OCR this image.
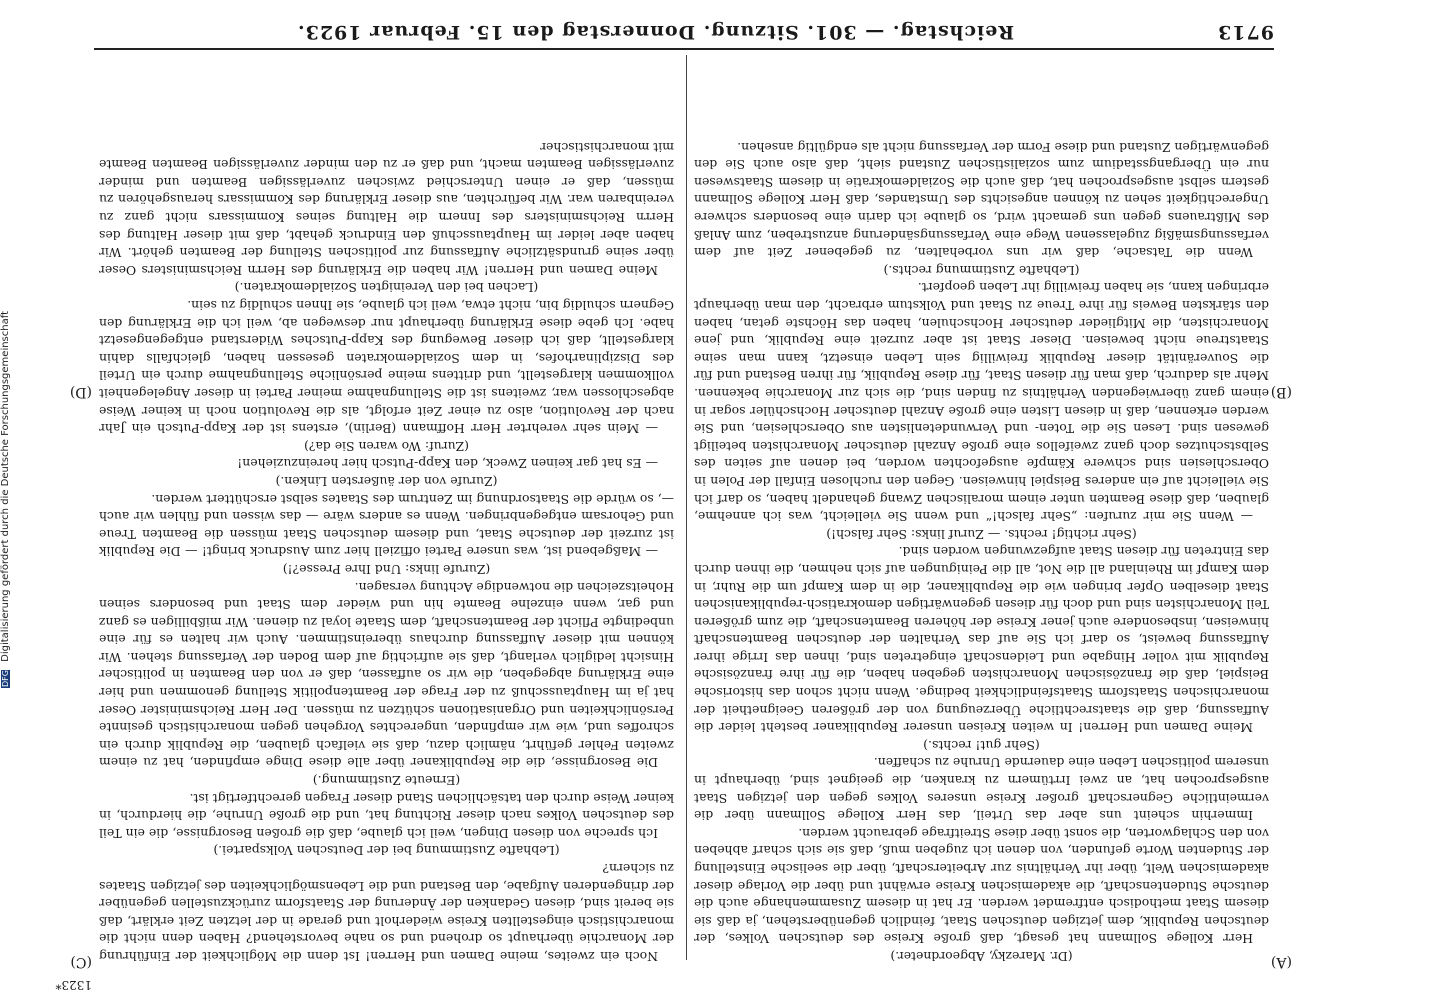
9713
Reichstag. — 301. Sitzung. Donnerstag den 15. Februar 1923.
(A)
(B)
(C)
(D)

(Dr. Marezky, Abgeordneter.)

Herr Kollege Sollmann hat gesagt, daß große Kreise des deutschen Volkes, der deutschen Republik, dem jetzigen deutschen Staat, feindlich gegenüberstehen, ja daß sie diesem Staat methodisch entfremdet werden. Er hat in diesem Zusammenhange auch die deutsche Studentenschaft, die akademischen Kreise erwähnt und über die Vorlage dieser akademischen Welt, über ihr Verhältnis zur Arbeiterschaft, über die seelische Einstellung der Studenten Worte gefunden, von denen ich zugeben muß, daß sie sich scharf abheben von den Schlagworten, die sonst über diese Streitfrage gebraucht werden.

Immerhin scheint uns aber das Urteil, das Herr Kollege Sollmann über die vermeintliche Gegnerschaft großer Kreise unseres Volkes gegen den jetzigen Staat ausgesprochen hat, an zwei Irrtümern zu kranken, die geeignet sind, überhaupt in unserem politischen Leben eine dauernde Unruhe zu schaffen.

(Sehr gut! rechts.)

Meine Damen und Herren! In weiten Kreisen unserer Republikaner besteht leider die Auffassung, daß die staatsrechtliche Überzeugung von der größeren Geeignetheit der monarchischen Staatsform Staatsfeindlichkeit bedinge. Wenn nicht schon das historische Beispiel, daß die französischen Monarchisten gegeben haben, die für ihre französische Republik mit voller Hingabe und Leidenschaft eingetreten sind, ihnen das Irrige ihrer Auffassung beweist, so darf ich Sie auf das Verhalten der deutschen Beamtenschaft hinweisen, insbesondere auch jener Kreise der höheren Beamtenschaft, die zum größeren Teil Monarchisten sind und doch für diesen gegenwärtigen demokratisch-republikanischen Staat dieselben Opfer bringen wie die Republikaner, die in dem Kampf um die Ruhr, in dem Kampf im Rheinland all die Not, all die Peinigungen auf sich nehmen, die ihnen durch das Eintreten für diesen Staat aufgezwungen worden sind.

(Sehr richtig! rechts. — Zuruf links: Sehr falsch!)

— Wenn Sie mir zurufen: „Sehr falsch!“ und wenn Sie vielleicht, was ich annehme, glauben, daß diese Beamten unter einem moralischen Zwang gehandelt haben, so darf ich Sie vielleicht auf ein anderes Beispiel hinweisen. Gegen den ruchlosen Einfall der Polen in Oberschlesien sind schwere Kämpfe ausgefochten worden, bei denen auf seiten des Selbstschutzes doch ganz zweifellos eine große Anzahl deutscher Monarchisten beteiligt gewesen sind. Lesen Sie die Toten- und Verwundetenlisten aus Oberschlesien, und Sie werden erkennen, daß in diesen Listen eine große Anzahl deutscher Hochschüler sogar in einem ganz überwiegenden Verhältnis zu finden sind, die sich zur Monarchie bekennen. Mehr als dadurch, daß man für diesen Staat, für diese Republik, für ihren Bestand und für die Souveränität dieser Republik freiwillig sein Leben einsetzt, kann man seine Staatstreue nicht beweisen. Dieser Staat ist aber zurzeit eine Republik, und jene Monarchisten, die Mitglieder deutscher Hochschulen, haben das Höchste getan, haben den stärksten Beweis für ihre Treue zu Staat und Volkstum erbracht, den man überhaupt erbringen kann, sie haben freiwillig ihr Leben geopfert.

(Lebhafte Zustimmung rechts.)

Wenn die Tatsache, daß wir uns vorbehalten, zu gegebener Zeit auf dem verfassungsmäßig zugelassenen Wege eine Verfassungsänderung anzustreben, zum Anlaß des Mißtrauens gegen uns gemacht wird, so glaube ich darin eine besonders schwere Ungerechtigkeit sehen zu können angesichts des Umstandes, daß Herr Kollege Sollmann gestern selbst ausgesprochen hat, daß auch die Sozialdemokratie in diesem Staatswesen nur ein Übergangsstadium zum sozialistischen Zustand sieht, daß also auch Sie den gegenwärtigen Zustand und diese Form der Verfassung nicht als endgültig ansehen.

Noch ein zweites, meine Damen und Herren! Ist denn die Möglichkeit der Einführung der Monarchie überhaupt so drohend und so nahe bevorstehend? Haben denn nicht die monarchistisch eingestellten Kreise wiederholt und gerade in der letzten Zeit erklärt, daß sie bereit sind, diesen Gedanken der Änderung der Staatsform zurückzustellen gegenüber der dringenderen Aufgabe, den Bestand und die Lebensmöglichkeiten des jetzigen Staates zu sichern?

(Lebhafte Zustimmung bei der Deutschen Volkspartei.)

Ich spreche von diesen Dingen, weil ich glaube, daß die großen Besorgnisse, die ein Teil des deutschen Volkes nach dieser Richtung hat, und die große Unruhe, die hierdurch, in keiner Weise durch den tatsächlichen Stand dieser Fragen gerechtfertigt ist.

(Erneute Zustimmung.)

Die Besorgnisse, die die Republikaner über alle diese Dinge empfinden, hat zu einem zweiten Fehler geführt, nämlich dazu, daß sie vielfach glauben, die Republik durch ein schroffes und, wie wir empfinden, ungerechtes Vorgehen gegen monarchistisch gesinnte Persönlichkeiten und Organisationen schützen zu müssen. Der Herr Reichsminister Oeser hat ja im Hauptausschuß zu der Frage der Beamtenpolitik Stellung genommen und hier eine Erklärung abgegeben, die wir so auffassen, daß er von den Beamten in politischer Hinsicht lediglich verlangt, daß sie aufrichtig auf dem Boden der Verfassung stehen. Wir können mit dieser Auffassung durchaus übereinstimmen. Auch wir halten es für eine unbedingte Pflicht der Beamtenschaft, dem Staate loyal zu dienen. Wir mißbilligen es ganz und gar, wenn einzelne Beamte hin und wieder dem Staat und besonders seinen Hoheitszeichen die notwendige Achtung versagen.

(Zurufe links: Und Ihre Presse?!)

— Maßgebend ist, was unsere Partei offiziell hier zum Ausdruck bringt! — Die Republik ist zurzeit der deutsche Staat, und diesem deutschen Staat müssen die Beamten Treue und Gehorsam entgegenbringen. Wenn es anders wäre — das wissen und fühlen wir auch —, so würde die Staatsordnung im Zentrum des Staates selbst erschüttert werden.

(Zurufe von der äußersten Linken.)

— Es hat gar keinen Zweck, den Kapp-Putsch hier hereinzuziehen!

(Zuruf: Wo waren Sie da?)

— Mein sehr verehrter Herr Hoffmann (Berlin), erstens ist der Kapp-Putsch ein Jahr nach der Revolution, also zu einer Zeit erfolgt, als die Revolution noch in keiner Weise abgeschlossen war, zweitens ist die Stellungnahme meiner Partei in dieser Angelegenheit vollkommen klargestellt, und drittens meine persönliche Stellungnahme durch ein Urteil des Disziplinarhofes, in dem Sozialdemokraten gesessen haben, gleichfalls dahin klargestellt, daß ich dieser Bewegung des Kapp-Putsches Widerstand entgegengesetzt habe. Ich gebe diese Erklärung überhaupt nur deswegen ab, weil ich die Erklärung den Gegnern schuldig bin, nicht etwa, weil ich glaube, sie Ihnen schuldig zu sein.

(Lachen bei den Vereinigten Sozialdemokraten.)

Meine Damen und Herren! Wir haben die Erklärung des Herrn Reichsministers Oeser über seine grundsätzliche Auffassung zur politischen Stellung der Beamten gehört. Wir haben aber leider im Hauptausschuß den Eindruck gehabt, daß mit dieser Haltung des Herrn Reichsministers des Innern die Haltung seines Kommissars nicht ganz zu vereinbaren war. Wir befürchten, aus dieser Erklärung des Kommissars herausgehören zu müssen, daß er einen Unterschied zwischen zuverlässigen Beamten und minder zuverlässigen Beamten macht, und daß er zu den minder zuverlässigen Beamten Beamte mit monarchistischer

1323*
DFG Digitalisierung gefördert durch die Deutsche Forschungsgemeinschaft
